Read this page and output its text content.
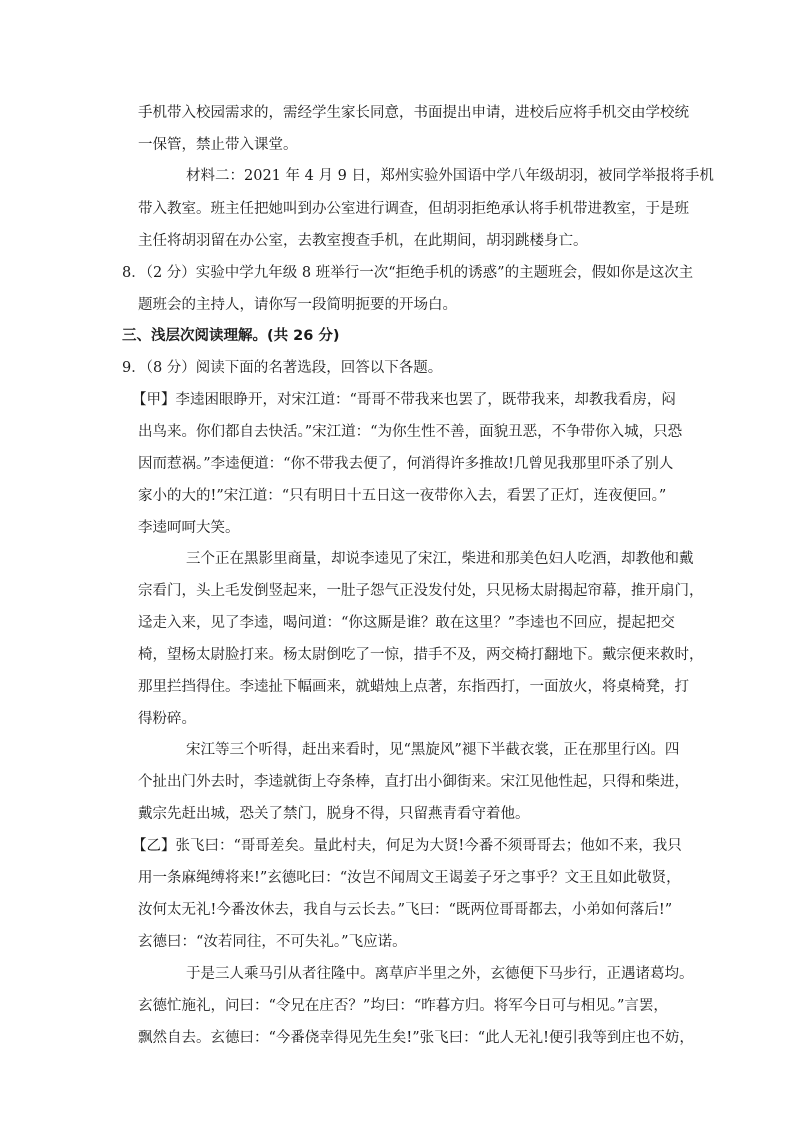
手机带入校园需求的，需经学生家长同意，书面提出申请，进校后应将手机交由学校统
一保管，禁止带入课堂。
材料二：2021 年 4 月 9 日，郑州实验外国语中学八年级胡羽，被同学举报将手机
带入教室。班主任把她叫到办公室进行调查，但胡羽拒绝承认将手机带进教室，于是班
主任将胡羽留在办公室，去教室搜查手机，在此期间，胡羽跳楼身亡。
8．（2 分）实验中学九年级 8 班举行一次“拒绝手机的诱惑”的主题班会，假如你是这次主
题班会的主持人，请你写一段简明扼要的开场白。
三、浅层次阅读理解。(共 26 分)
9．（8 分）阅读下面的名著选段，回答以下各题。
【甲】李逵困眼睁开，对宋江道：“哥哥不带我来也罢了，既带我来，却教我看房，闷
出鸟来。你们都自去快活。”宋江道：“为你生性不善，面貌丑恶，不争带你入城，只恐
因而惹祸。”李逵便道：“你不带我去便了，何消得许多推故!几曾见我那里吓杀了别人
家小的大的!”宋江道：“只有明日十五日这一夜带你入去，看罢了正灯，连夜便回。”
李逵呵呵大笑。
三个正在黑影里商量，却说李逵见了宋江，柴进和那美色妇人吃酒，却教他和戴
宗看门，头上毛发倒竖起来，一肚子怨气正没发付处，只见杨太尉揭起帘幕，推开扇门，
迳走入来，见了李逵，喝问道：“你这厮是谁？敢在这里？”李逵也不回应，提起把交
椅，望杨太尉脸打来。杨太尉倒吃了一惊，措手不及，两交椅打翻地下。戴宗便来救时，
那里拦挡得住。李逵扯下幅画来，就蜡烛上点著，东指西打，一面放火，将桌椅凳，打
得粉碎。
宋江等三个听得，赶出来看时，见“黑旋风”褪下半截衣裳，正在那里行凶。四
个扯出门外去时，李逵就街上夺条棒，直打出小御街来。宋江见他性起，只得和柴进，
戴宗先赶出城，恐关了禁门，脱身不得，只留燕青看守着他。
【乙】张飞曰：“哥哥差矣。量此村夫，何足为大贤!今番不须哥哥去；他如不来，我只
用一条麻绳缚将来!”玄德叱曰：“汝岂不闻周文王谒姜子牙之事乎？文王且如此敬贤，
汝何太无礼!今番汝休去，我自与云长去。”飞曰：“既两位哥哥都去，小弟如何落后!”
玄德曰：“汝若同往，不可失礼。”飞应诺。
于是三人乘马引从者往隆中。离草庐半里之外，玄德便下马步行，正遇诸葛均。
玄德忙施礼，问曰：“令兄在庄否？”均曰：“昨暮方归。将军今日可与相见。”言罢，
飘然自去。玄德曰：“今番侥幸得见先生矣!”张飞曰：“此人无礼!便引我等到庄也不妨，
